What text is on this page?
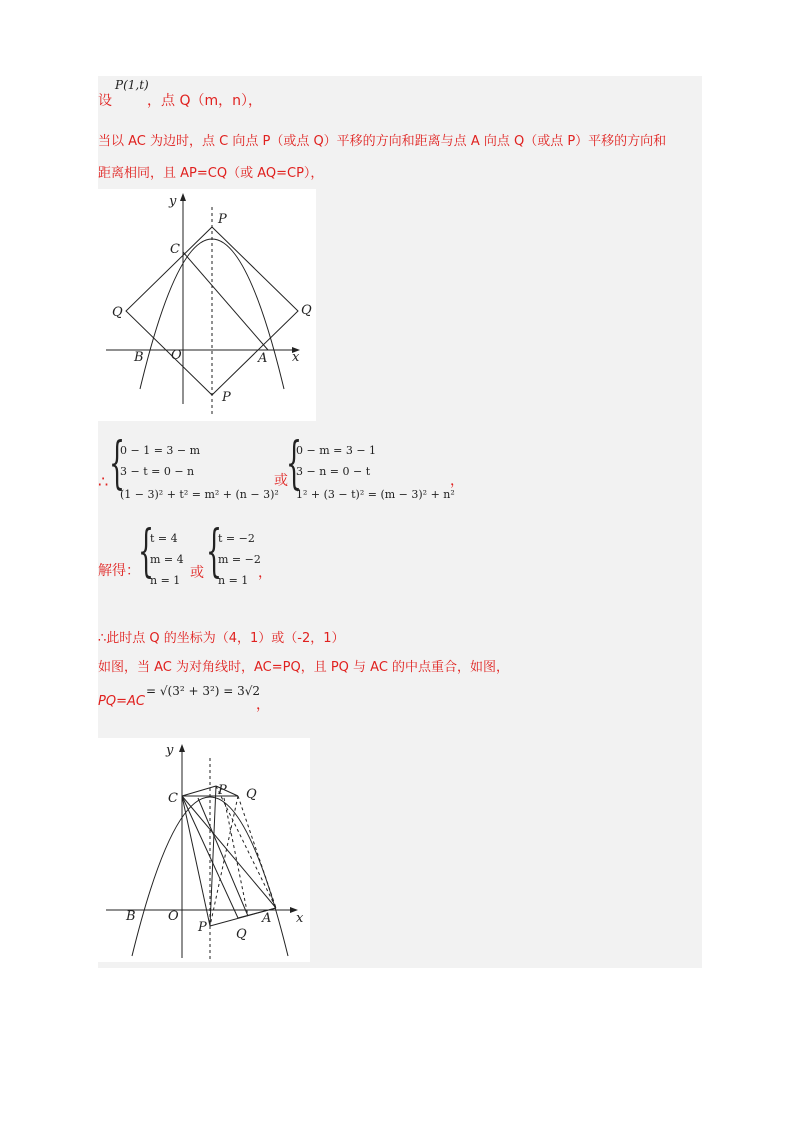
设
P(1,t)
，点 Q（m，n），
当以 AC 为边时，点 C 向点 P（或点 Q）平移的方向和距离与点 A 向点 Q（或点 P）平移的方向和
距离相同，且 AP=CQ（或 AQ=CP），
y
x
P
C
Q	Q
B O	A
P
∴ {
0 − 1 = 3 − m
3 − t = 0 − n
(1 − 3)² + t² = m² + (n − 3)²
或
{
0 − m = 3 − 1
3 − n = 0 − t
1² + (3 − t)² = (m − 3)² + n²
，
解得：
{
t = 4
m = 4
n = 1 或 {
t = −2
m = −2
n = 1 ，
∴此时点 Q 的坐标为（4，1）或（-2，1）
如图，当 AC 为对角线时，AC=PQ，且 PQ 与 AC 的中点重合，如图，
PQ=AC
= √(3² + 3²) = 3√2
，
y
x
C
P Q
B O	A
P Q
